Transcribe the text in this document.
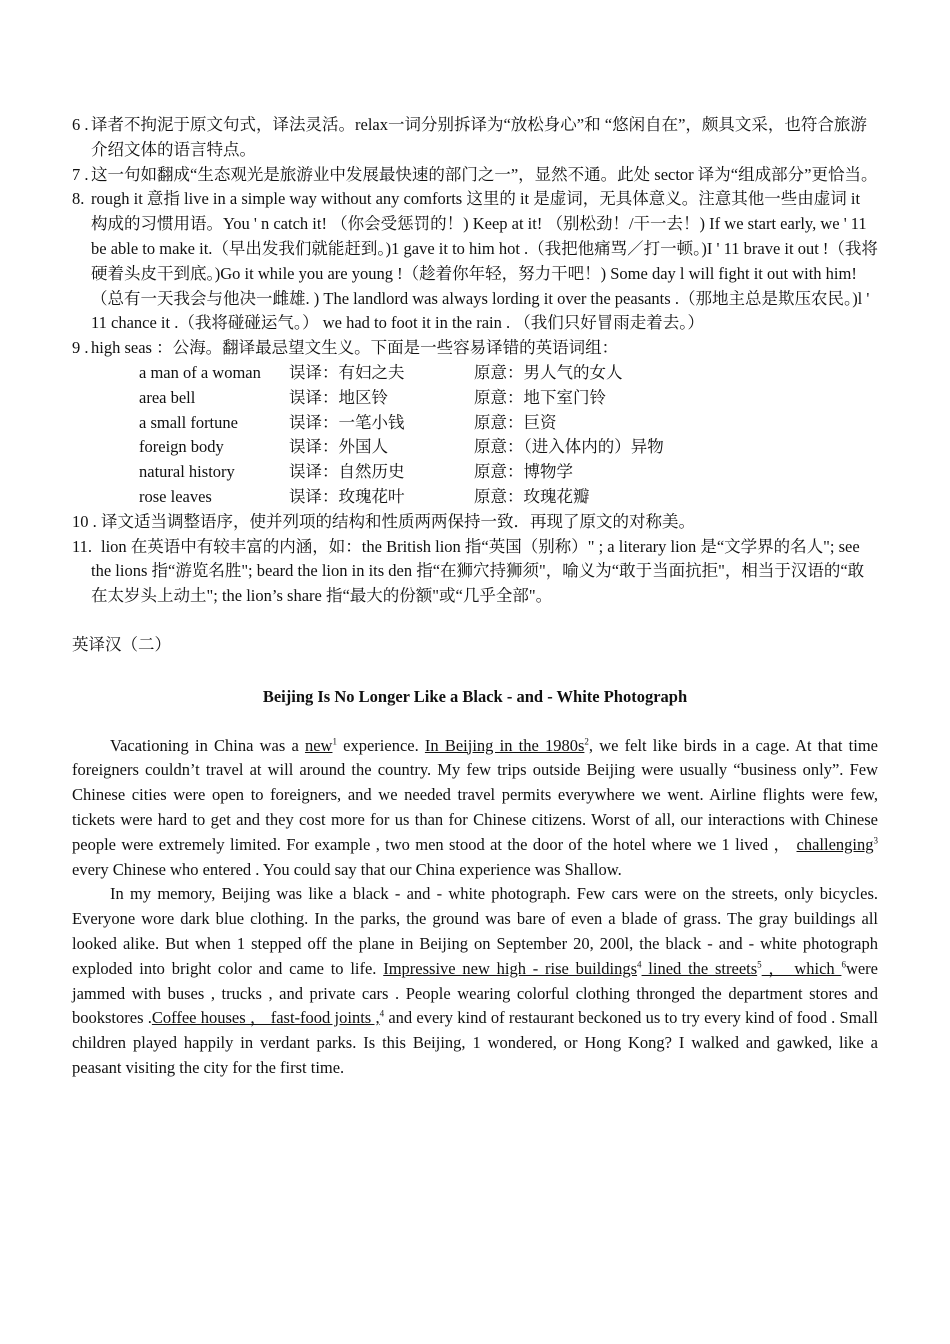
6 . 译者不拘泥于原文句式，译法灵活。relax一词分别拆译为“放松身心”和 “悠闲自在”，颇具文采，也符合旅游介绍文体的语言特点。

7 . 这一句如翻成“生态观光是旅游业中发展最快速的部门之一”，显然不通。此处 sector 译为“组成部分”更恰当。

8. rough it 意指 live in a simple way without any comforts 这里的 it 是虚词，无具体意义。注意其他一些由虚词 it 构成的习惯用语。You ' n catch it! （你会受惩罚的！) Keep at it! （别松劲！/干一去！) If we start early, we ' 11 be able to make it.（早出发我们就能赶到。)1 gave it to him hot .（我把他痛骂／打一顿。)I ' 11 brave it out !（我将硬着头皮干到底。)Go it while you are young !（趁着你年轻，努力干吧！) Some day l will fight it out with him!（总有一天我会与他决一雌雄. ) The landlord was always lording it over the peasants .（那地主总是欺压农民。)l ' 11 chance it .（我将碰碰运气。） we had to foot it in the rain . （我们只好冒雨走着去。）

9 . high seas ：公海。翻译最忌望文生义。下面是一些容易译错的英语词组：

a man of a woman	误译：有妇之夫	原意：男人气的女人
area bell	误译：地区铃	原意：地下室门铃
a small fortune	误译：一笔小钱	原意：巨资
foreign body	误译：外国人	原意：（进入体内的）异物
natural history	误译：自然历史	原意：博物学
rose leaves	误译：玫瑰花叶	原意：玫瑰花瓣

10 . 译文适当调整语序，使并列项的结构和性质两两保持一致．再现了原文的对称美。

11. lion 在英语中有较丰富的内涵，如：the British lion 指“英国（别称）" ; a literary lion 是“文学界的名人"; see the lions 指“游览名胜"; beard the lion in its den 指“在狮穴持狮须"，喻义为“敢于当面抗拒"，相当于汉语的“敢在太岁头上动土"; the lion’s share 指“最大的份额"或“几乎全部"。

英译汉（二）

Beijing Is No Longer Like a Black - and - White Photograph

Vacationing in China was a new$^1$ experience. In Beijing in the $1980s^2$, we felt like birds in a cage. At that time foreigners couldn’t travel at will around the country. My few trips outside Beijing were usually “business only”. Few Chinese cities were open to foreigners, and we needed travel permits everywhere we went. Airline flights were few, tickets were hard to get and they cost more for us than for Chinese citizens. Worst of all, our interactions with Chinese people were extremely limited. For example , two men stood at the door of the hotel where we 1 lived ， challenging$^3$ every Chinese who entered . You could say that our China experience was Shallow.

In my memory, Beijing was like a black - and - white photograph. Few cars were on the streets, only bicycles. Everyone wore dark blue clothing. In the parks, the ground was bare of even a blade of grass. The gray buildings all looked alike. But when 1 stepped off the plane in Beijing on September 20, 200l, the black - and - white photograph exploded into bright color and came to life. Impressive new high - rise buildings$^4$ lined the streets$^5$ ， which $^6$were jammed with buses , trucks , and private cars . People wearing colorful clothing thronged the department stores and bookstores .Coffee houses ， fast-food joints ,$^4$ and every kind of restaurant beckoned us to try every kind of food . Small children played happily in verdant parks. Is this Beijing, 1 wondered, or Hong Kong? I walked and gawked, like a peasant visiting the city for the first time.
